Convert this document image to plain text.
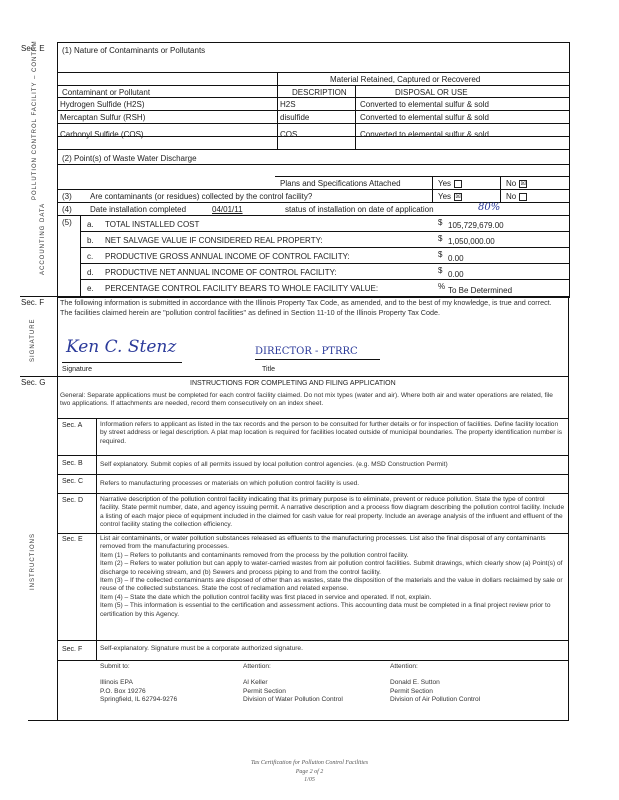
Sec. E
POLLUTION CONTROL FACILITY – CONTAM	(1) Nature of Contaminants or Pollutants
Material Retained, Captured or Recovered
Contaminant or Pollutant	DESCRIPTION	DISPOSAL OR USE
Hydrogen Sulfide (H2S)	H2S	Converted to elemental sulfur & sold
Mercaptan Sulfur (RSH)	disulfide	Converted to elemental sulfur & sold
Carbonyl Sulfide (COS)	COS	Converted to elemental sulfur & sold
(2) Point(s) of Waste Water Discharge
Plans and Specifications Attached	Yes	No ☒
(3) Are contaminants (or residues) collected by the control facility?	Yes ☒	No
(4) Date installation completed	04/01/11	status of installation on date of application	80%
ACCOUNTING DATA (5) a. TOTAL INSTALLED COST	$ 105,729,679.00
b. NET SALVAGE VALUE IF CONSIDERED REAL PROPERTY:	$ 1,050,000.00
c. PRODUCTIVE GROSS ANNUAL INCOME OF CONTROL FACILITY:	$ 0.00
d. PRODUCTIVE NET ANNUAL INCOME OF CONTROL FACILITY:	$ 0.00
e. PERCENTAGE CONTROL FACILITY BEARS TO WHOLE FACILITY VALUE:	% To Be Determined
Sec. F
SIGNATURE
The following information is submitted in accordance with the Illinois Property Tax Code, as amended, and to the best of my knowledge, is true and correct. The facilities claimed herein are "pollution control facilities" as defined in Section 11-10 of the Illinois Property Tax Code.
Ken C. Stenz	DIRECTOR - PTRRC
Signature	Title
Sec. G
INSTRUCTIONS
INSTRUCTIONS FOR COMPLETING AND FILING APPLICATION
General: Separate applications must be completed for each control facility claimed. Do not mix types (water and air). Where both air and water operations are related, file two applications. If attachments are needed, record them consecutively on an index sheet.
Sec. A	Information refers to applicant as listed in the tax records and the person to be consulted for further details or for inspection of facilities. Define facility location by street address or legal description. A plat map location is required for facilities located outside of municipal boundaries. The property identification number is required.
Sec. B	Self explanatory. Submit copies of all permits issued by local pollution control agencies. (e.g. MSD Construction Permit)
Sec. C	Refers to manufacturing processes or materials on which pollution control facility is used.
Sec. D	Narrative description of the pollution control facility indicating that its primary purpose is to eliminate, prevent or reduce pollution. State the type of control facility. State permit number, date, and agency issuing permit. A narrative description and a process flow diagram describing the pollution control facility. Include a listing of each major piece of equipment included in the claimed for cash value for real property. Include an average analysis of the influent and effluent of the control facility stating the collection efficiency.
Sec. E	List air contaminants, or water pollution substances released as effluents to the manufacturing processes. List also the final disposal of any contaminants removed from the manufacturing processes.
Item (1) – Refers to pollutants and contaminants removed from the process by the pollution control facility.
Item (2) – Refers to water pollution but can apply to water-carried wastes from air pollution control facilities. Submit drawings, which clearly show (a) Point(s) of discharge to receiving stream, and (b) Sewers and process piping to and from the control facility.
Item (3) – If the collected contaminants are disposed of other than as wastes, state the disposition of the materials and the value in dollars reclaimed by sale or reuse of the collected substances. State the cost of reclamation and related expense.
Item (4) – State the date which the pollution control facility was first placed in service and operated. If not, explain.
Item (5) – This information is essential to the certification and assessment actions. This accounting data must be completed in a final project review prior to certification by this Agency.
Sec. F	Self-explanatory. Signature must be a corporate authorized signature.
Submit to:
Illinois EPA
P.O. Box 19276
Springfield, IL 62794-9276
Attention:
Al Keller
Permit Section
Division of Water Pollution Control
Attention:
Donald E. Sutton
Permit Section
Division of Air Pollution Control
Tax Certification for Pollution Control Facilities
Page 2 of 2
1/05
